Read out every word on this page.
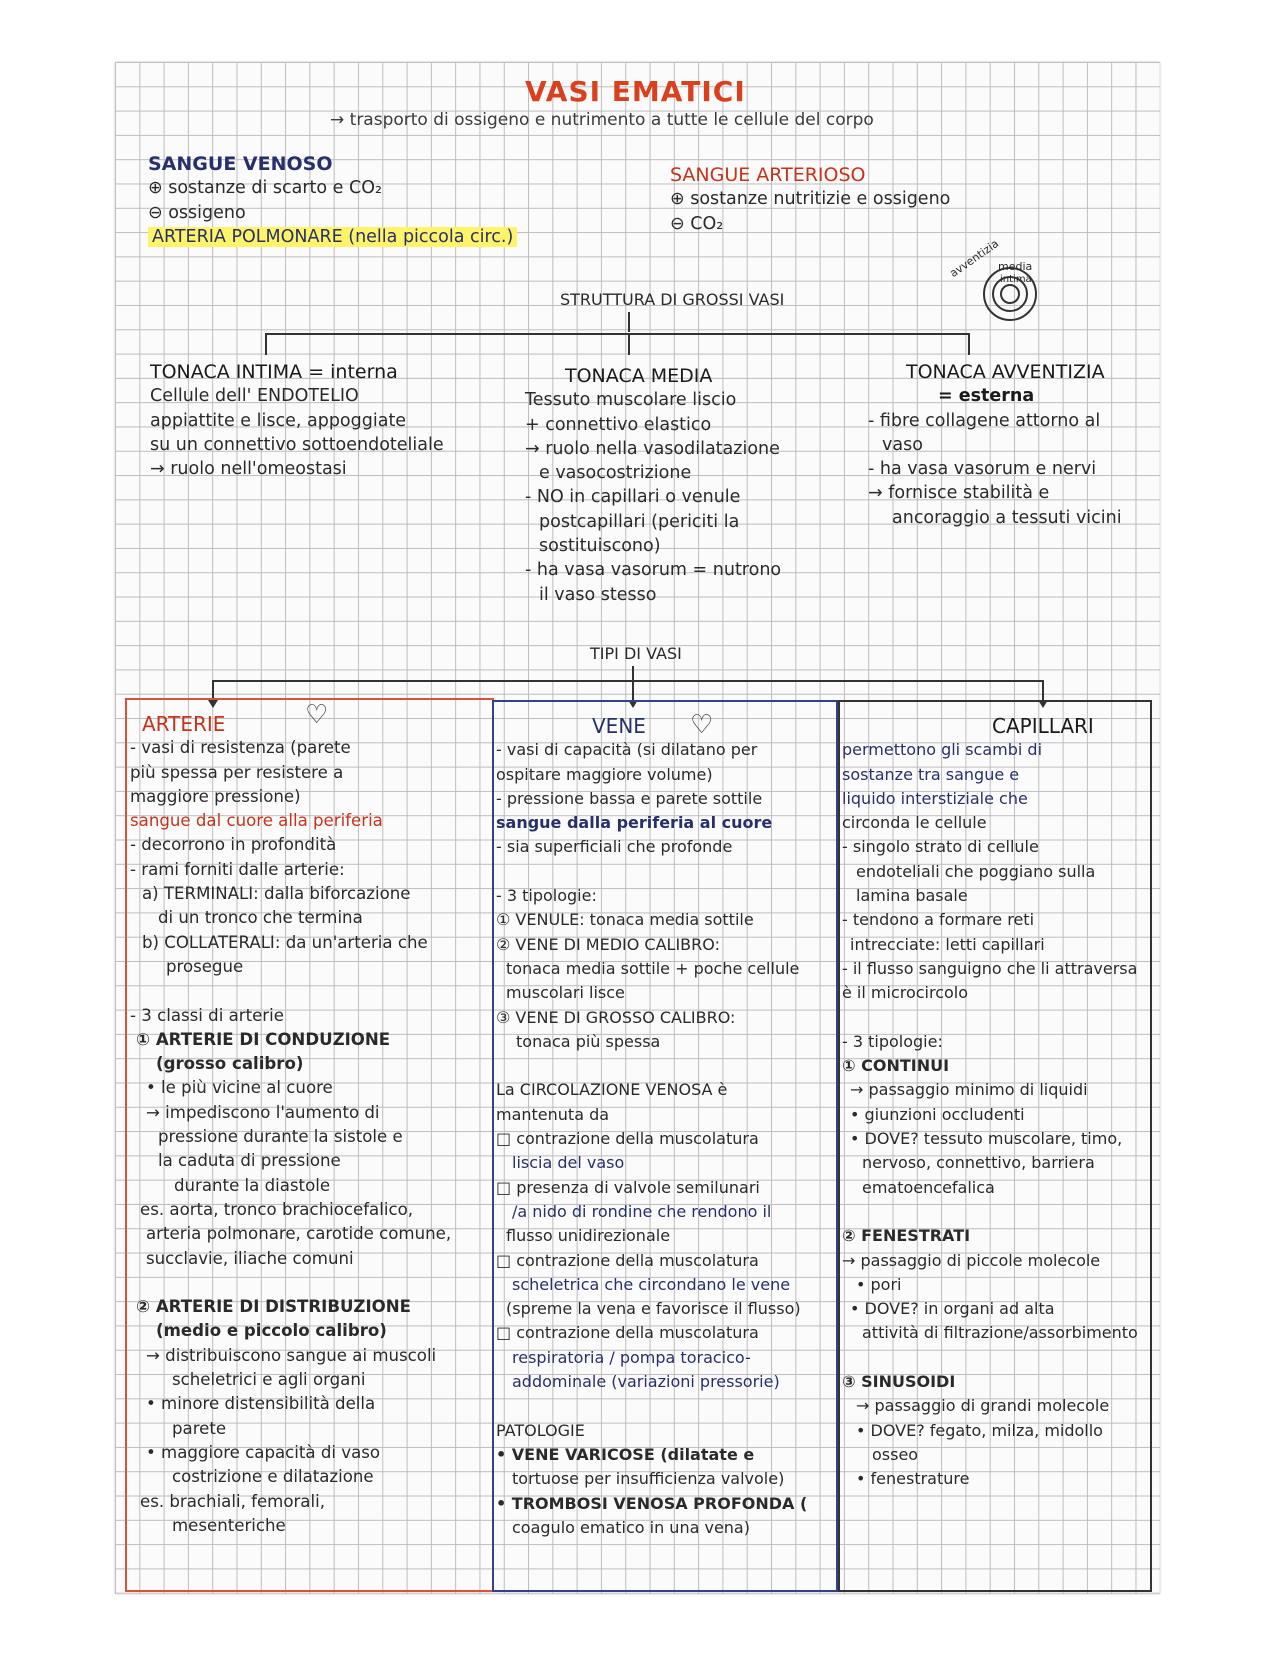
VASI EMATICI
→ trasporto di ossigeno e nutrimento a tutte le cellule del corpo
SANGUE VENOSO
⊕ sostanze di scarto e CO₂
⊖ ossigeno
ARTERIA POLMONARE (nella piccola circ.)
SANGUE ARTERIOSO
⊕ sostanze nutritizie e ossigeno
⊖ CO₂
avventizia
media
intima
STRUTTURA DI GROSSI VASI
TONACA INTIMA = interna
Cellule dell' ENDOTELIO
appiattite e lisce, appoggiate
su un connettivo sottoendoteliale
→ ruolo nell'omeostasi
TONACA MEDIA
Tessuto muscolare liscio
+ connettivo elastico
→ ruolo nella vasodilatazione
e vasocostrizione
- NO in capillari o venule
postcapillari (periciti la
sostituiscono)
- ha vasa vasorum = nutrono
il vaso stesso
TONACA AVVENTIZIA
= esterna
- fibre collagene attorno al
vaso
- ha vasa vasorum e nervi
→ fornisce stabilità e
ancoraggio a tessuti vicini
TIPI DI VASI
♡	♡
ARTERIE
- vasi di resistenza (parete
più spessa per resistere a
maggiore pressione)
sangue dal cuore alla periferia
- decorrono in profondità
- rami forniti dalle arterie:
a) TERMINALI: dalla biforcazione
di un tronco che termina
b) COLLATERALI: da un'arteria che
prosegue
- 3 classi di arterie
① ARTERIE DI CONDUZIONE
(grosso calibro)
• le più vicine al cuore
→ impediscono l'aumento di
pressione durante la sistole e
la caduta di pressione
durante la diastole
es. aorta, tronco brachiocefalico,
arteria polmonare, carotide comune,
succlavie, iliache comuni
② ARTERIE DI DISTRIBUZIONE
(medio e piccolo calibro)
→ distribuiscono sangue ai muscoli
scheletrici e agli organi
• minore distensibilità della
parete
• maggiore capacità di vaso
costrizione e dilatazione
es. brachiali, femorali,
mesenteriche
VENE
- vasi di capacità (si dilatano per
ospitare maggiore volume)
- pressione bassa e parete sottile
sangue dalla periferia al cuore
- sia superficiali che profonde
- 3 tipologie:
① VENULE: tonaca media sottile
② VENE DI MEDIO CALIBRO:
tonaca media sottile + poche cellule
muscolari lisce
③ VENE DI GROSSO CALIBRO:
tonaca più spessa
La CIRCOLAZIONE VENOSA è
mantenuta da
□ contrazione della muscolatura
liscia del vaso
□ presenza di valvole semilunari
/a nido di rondine che rendono il
flusso unidirezionale
□ contrazione della muscolatura
scheletrica che circondano le vene
(spreme la vena e favorisce il flusso)
□ contrazione della muscolatura
respiratoria / pompa toracico-
addominale (variazioni pressorie)
PATOLOGIE
• VENE VARICOSE (dilatate e
tortuose per insufficienza valvole)
• TROMBOSI VENOSA PROFONDA (
coagulo ematico in una vena)
CAPILLARI
permettono gli scambi di
sostanze tra sangue e
liquido interstiziale che
circonda le cellule
- singolo strato di cellule
endoteliali che poggiano sulla
lamina basale
- tendono a formare reti
intrecciate: letti capillari
- il flusso sanguigno che li attraversa
è il microcircolo
- 3 tipologie:
① CONTINUI
→ passaggio minimo di liquidi
• giunzioni occludenti
• DOVE? tessuto muscolare, timo,
nervoso, connettivo, barriera
ematoencefalica
② FENESTRATI
→ passaggio di piccole molecole
• pori
• DOVE? in organi ad alta
attività di filtrazione/assorbimento
③ SINUSOIDI
→ passaggio di grandi molecole
• DOVE? fegato, milza, midollo
osseo
• fenestrature
